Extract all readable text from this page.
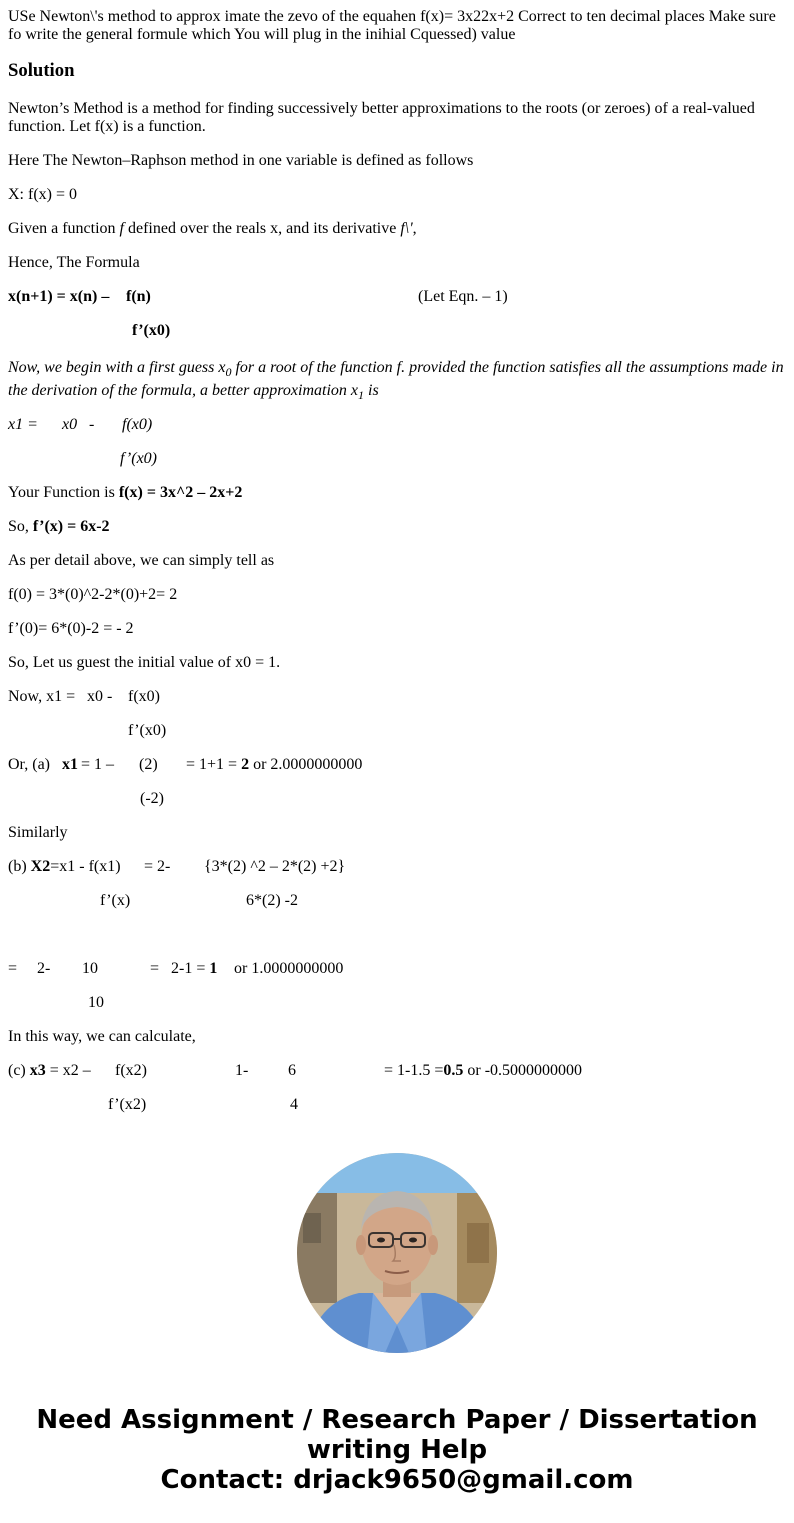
USe Newton\'s method to approx imate the zevo of the equahen f(x)= 3x22x+2 Correct to ten decimal places Make sure fo write the general formule which You will plug in the inihial Cquessed) value

Solution

Newton’s Method is a method for finding successively better approximations to the roots (or zeroes) of a real-valued function. Let f(x) is a function.

Here The Newton–Raphson method in one variable is defined as follows

X: f(x) = 0

Given a function f defined over the reals x, and its derivative f\',

Hence, The Formula

x(n+1) = x(n) – f(n)	(Let Eqn. – 1)
f’(x0)

Now, we begin with a first guess $x_0$ for a root of the function f. provided the function satisfies all the assumptions made in the derivation of the formula, a better approximation $x_1$ is

x1 = x0 - f(x0)
f’(x0)

Your Function is f(x) = 3x^2 – 2x+2

So, f’(x) = 6x-2

As per detail above, we can simply tell as

f(0) = 3*(0)^2-2*(0)+2= 2

f’(0)= 6*(0)-2 = - 2

So, Let us guest the initial value of x0 = 1.

Now, x1 = x0 - f(x0)
f’(x0)
Or, (a) x1 = 1 – (2) = 1+1 = 2 or 2.0000000000
(-2)

Similarly

(b) X2=x1 - f(x1) = 2- {3*(2) ^2 – 2*(2) +2}
f’(x)	6*(2) -2
= 2- 10	= 2-1 = 1 or 1.0000000000
10

In this way, we can calculate,

(c) x3 = x2 – f(x2)	1- 6	= 1-1.5 =0.5 or -0.5000000000
f’(x2)	4
Need Assignment / Research Paper / Dissertation
writing Help
Contact: drjack9650@gmail.com
